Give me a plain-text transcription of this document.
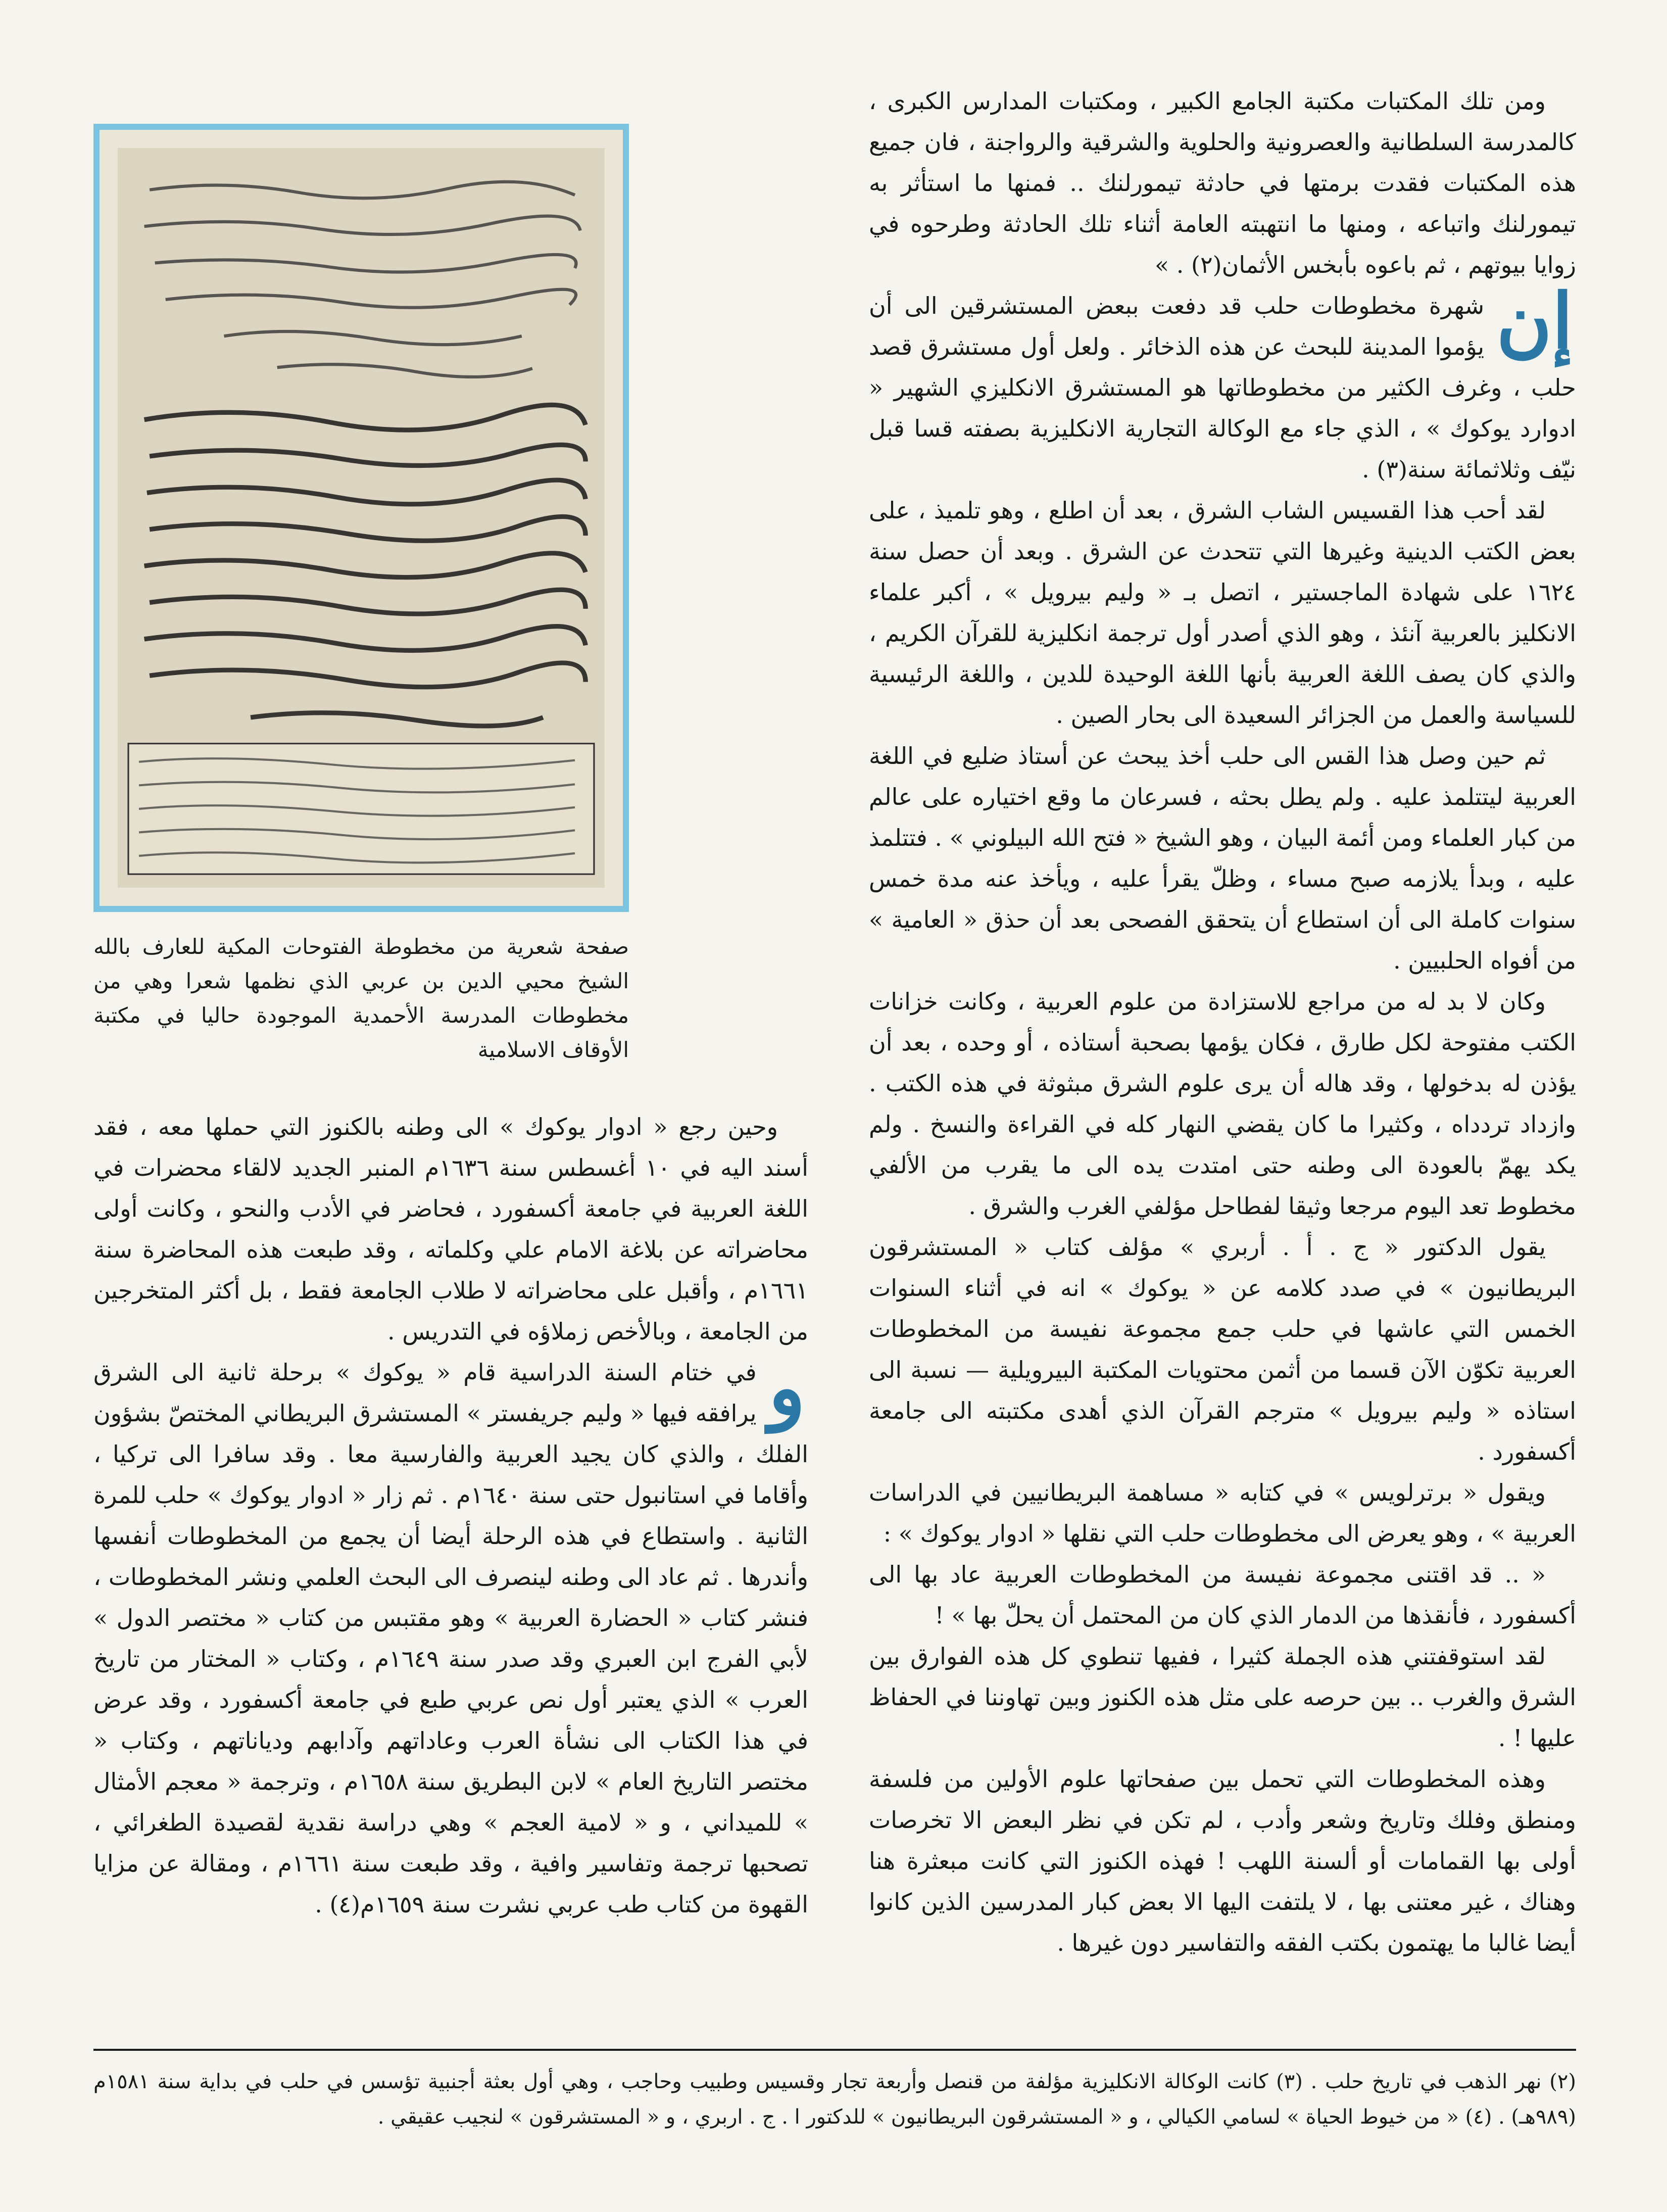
ومن تلك المكتبات مكتبة الجامع الكبير ، ومكتبات المدارس الكبرى ، كالمدرسة السلطانية والعصرونية والحلوية والشرقية والرواجنة ، فان جميع هذه المكتبات فقدت برمتها في حادثة تيمورلنك .. فمنها ما استأثر به تيمورلنك واتباعه ، ومنها ما انتهبته العامة أثناء تلك الحادثة وطرحوه في زوايا بيوتهم ، ثم باعوه بأبخس الأثمان(٢) . »

إن
شهرة مخطوطات حلب قد دفعت ببعض المستشرقين الى أن يؤموا المدينة للبحث عن هذه الذخائر . ولعل أول مستشرق قصد حلب ، وغرف الكثير من مخطوطاتها هو المستشرق الانكليزي الشهير « ادوارد يوكوك » ، الذي جاء مع الوكالة التجارية الانكليزية بصفته قسا قبل نيّف وثلاثمائة سنة(٣) .

لقد أحب هذا القسيس الشاب الشرق ، بعد أن اطلع ، وهو تلميذ ، على بعض الكتب الدينية وغيرها التي تتحدث عن الشرق . وبعد أن حصل سنة ١٦٢٤ على شهادة الماجستير ، اتصل بـ « وليم بيرويل » ، أكبر علماء الانكليز بالعربية آنئذ ، وهو الذي أصدر أول ترجمة انكليزية للقرآن الكريم ، والذي كان يصف اللغة العربية بأنها اللغة الوحيدة للدين ، واللغة الرئيسية للسياسة والعمل من الجزائر السعيدة الى بحار الصين .

ثم حين وصل هذا القس الى حلب أخذ يبحث عن أستاذ ضليع في اللغة العربية ليتتلمذ عليه . ولم يطل بحثه ، فسرعان ما وقع اختياره على عالم من كبار العلماء ومن أئمة البيان ، وهو الشيخ « فتح الله البيلوني » . فتتلمذ عليه ، وبدأ يلازمه صبح مساء ، وظلّ يقرأ عليه ، ويأخذ عنه مدة خمس سنوات كاملة الى أن استطاع أن يتحقق الفصحى بعد أن حذق « العامية » من أفواه الحلبيين .

وكان لا بد له من مراجع للاستزادة من علوم العربية ، وكانت خزانات الكتب مفتوحة لكل طارق ، فكان يؤمها بصحبة أستاذه ، أو وحده ، بعد أن يؤذن له بدخولها ، وقد هاله أن يرى علوم الشرق مبثوثة في هذه الكتب . وازداد تردداه ، وكثيرا ما كان يقضي النهار كله في القراءة والنسخ . ولم يكد يهمّ بالعودة الى وطنه حتى امتدت يده الى ما يقرب من الألفي مخطوط تعد اليوم مرجعا وثيقا لفطاحل مؤلفي الغرب والشرق .

يقول الدكتور « ج . أ . أربري » مؤلف كتاب « المستشرقون البريطانيون » في صدد كلامه عن « يوكوك » انه في أثناء السنوات الخمس التي عاشها في حلب جمع مجموعة نفيسة من المخطوطات العربية تكوّن الآن قسما من أثمن محتويات المكتبة البيرويلية — نسبة الى استاذه « وليم بيرويل » مترجم القرآن الذي أهدى مكتبته الى جامعة أكسفورد .

ويقول « برترلويس » في كتابه « مساهمة البريطانيين في الدراسات العربية » ، وهو يعرض الى مخطوطات حلب التي نقلها « ادوار يوكوك » :

« .. قد اقتنى مجموعة نفيسة من المخطوطات العربية عاد بها الى أكسفورد ، فأنقذها من الدمار الذي كان من المحتمل أن يحلّ بها » !

لقد استوقفتني هذه الجملة كثيرا ، ففيها تنطوي كل هذه الفوارق بين الشرق والغرب .. بين حرصه على مثل هذه الكنوز وبين تهاوننا في الحفاظ عليها ! .

وهذه المخطوطات التي تحمل بين صفحاتها علوم الأولين من فلسفة ومنطق وفلك وتاريخ وشعر وأدب ، لم تكن في نظر البعض الا تخرصات أولى بها القمامات أو ألسنة اللهب ! فهذه الكنوز التي كانت مبعثرة هنا وهناك ، غير معتنى بها ، لا يلتفت اليها الا بعض كبار المدرسين الذين كانوا أيضا غالبا ما يهتمون بكتب الفقه والتفاسير دون غيرها .

صفحة شعرية من مخطوطة الفتوحات المكية للعارف بالله الشيخ محيي الدين بن عربي الذي نظمها شعرا وهي من مخطوطات المدرسة الأحمدية الموجودة حاليا في مكتبة الأوقاف الاسلامية

وحين رجع « ادوار يوكوك » الى وطنه بالكنوز التي حملها معه ، فقد أسند اليه في ١٠ أغسطس سنة ١٦٣٦م المنبر الجديد لالقاء محضرات في اللغة العربية في جامعة أكسفورد ، فحاضر في الأدب والنحو ، وكانت أولى محاضراته عن بلاغة الامام علي وكلماته ، وقد طبعت هذه المحاضرة سنة ١٦٦١م ، وأقبل على محاضراته لا طلاب الجامعة فقط ، بل أكثر المتخرجين من الجامعة ، وبالأخص زملاؤه في التدريس .

و
في ختام السنة الدراسية قام « يوكوك » برحلة ثانية الى الشرق يرافقه فيها « وليم جريفستر » المستشرق البريطاني المختصّ بشؤون الفلك ، والذي كان يجيد العربية والفارسية معا . وقد سافرا الى تركيا ، وأقاما في استانبول حتى سنة ١٦٤٠م . ثم زار « ادوار يوكوك » حلب للمرة الثانية . واستطاع في هذه الرحلة أيضا أن يجمع من المخطوطات أنفسها وأندرها . ثم عاد الى وطنه لينصرف الى البحث العلمي ونشر المخطوطات ، فنشر كتاب « الحضارة العربية » وهو مقتبس من كتاب « مختصر الدول » لأبي الفرج ابن العبري وقد صدر سنة ١٦٤٩م ، وكتاب « المختار من تاريخ العرب » الذي يعتبر أول نص عربي طبع في جامعة أكسفورد ، وقد عرض في هذا الكتاب الى نشأة العرب وعاداتهم وآدابهم ودياناتهم ، وكتاب « مختصر التاريخ العام » لابن البطريق سنة ١٦٥٨م ، وترجمة « معجم الأمثال » للميداني ، و « لامية العجم » وهي دراسة نقدية لقصيدة الطغرائي ، تصحبها ترجمة وتفاسير وافية ، وقد طبعت سنة ١٦٦١م ، ومقالة عن مزايا القهوة من كتاب طب عربي نشرت سنة ١٦٥٩م(٤) .

(٢) نهر الذهب في تاريخ حلب . (٣) كانت الوكالة الانكليزية مؤلفة من قنصل وأربعة تجار وقسيس وطبيب وحاجب ، وهي أول بعثة أجنبية تؤسس في حلب في بداية سنة ١٥٨١م (٩٨٩هـ) . (٤) « من خيوط الحياة » لسامي الكيالي ، و « المستشرقون البريطانيون » للدكتور ا . ج . اربري ، و « المستشرقون » لنجيب عقيقي .
